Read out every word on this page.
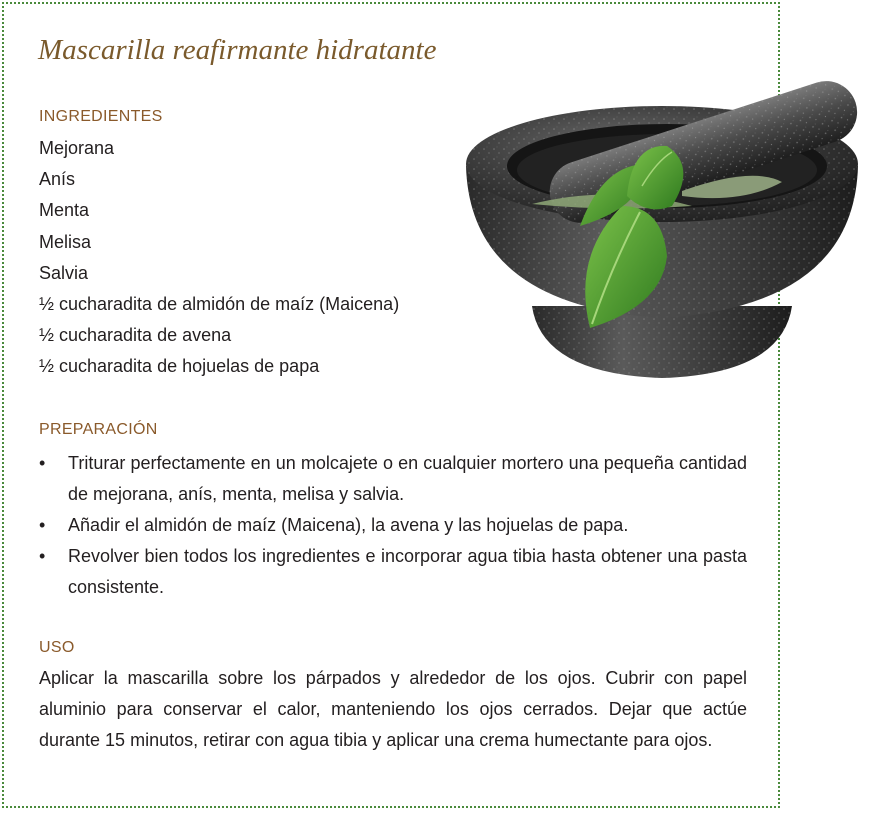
Mascarilla reafirmante hidratante
INGREDIENTES
Mejorana
Anís
Menta
Melisa
Salvia
½ cucharadita de almidón de maíz (Maicena)
½ cucharadita de avena
½ cucharadita de hojuelas de papa
PREPARACIÓN
• Triturar perfectamente en un molcajete o en cualquier mortero una pequeña cantidad de mejorana, anís, menta, melisa y salvia.
• Añadir el almidón de maíz (Maicena), la avena y las hojuelas de papa.
• Revolver bien todos los ingredientes e incorporar agua tibia hasta obtener una pasta consistente.
USO

Aplicar la mascarilla sobre los párpados y alrededor de los ojos. Cubrir con papel aluminio para conservar el calor, manteniendo los ojos cerrados. Dejar que actúe durante 15 minutos, retirar con agua tibia y aplicar una crema humectante para ojos.
